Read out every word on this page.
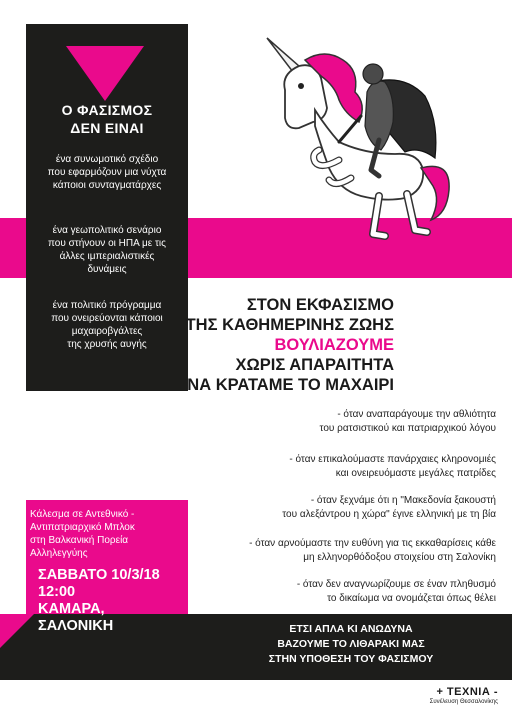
Ο ΦΑΣΙΣΜΟΣ
ΔΕΝ ΕΙΝΑΙ
ένα συνωμοτικό σχέδιο
που εφαρμόζουν μια νύχτα
κάποιοι συνταγματάρχες
ένα γεωπολιτικό σενάριο
που στήνουν οι ΗΠΑ με τις
άλλες ιμπεριαλιστικές
δυνάμεις
ένα πολιτικό πρόγραμμα
που ονειρεύονται κάποιοι
μαχαιροβγάλτες
της χρυσής αυγής
ΣΤΟΝ ΕΚΦΑΣΙΣΜΟ
ΤΗΣ ΚΑΘΗΜΕΡΙΝΗΣ ΖΩΗΣ
ΒΟΥΛΙΑΖΟΥΜΕ
ΧΩΡΙΣ ΑΠΑΡΑΙΤΗΤΑ
ΝΑ ΚΡΑΤΑΜΕ ΤΟ ΜΑΧΑΙΡΙ
- όταν αναπαράγουμε την αθλιότητα
του ρατσιστικού και πατριαρχικού λόγου
- όταν επικαλούμαστε πανάρχαιες κληρονομιές
και ονειρευόμαστε μεγάλες πατρίδες
- όταν ξεχνάμε ότι η "Μακεδονία ξακουστή
του αλεξάντρου η χώρα" έγινε ελληνική με τη βία
- όταν αρνούμαστε την ευθύνη για τις εκκαθαρίσεις κάθε
μη ελληνορθόδοξου στοιχείου στη Σαλονίκη
- όταν δεν αναγνωρίζουμε σε έναν πληθυσμό
το δικαίωμα να ονομάζεται όπως θέλει
Κάλεσμα σε Αντεθνικό -
Αντιπατριαρχικό Μπλοκ
στη Βαλκανική Πορεία
Αλληλεγγύης
ΣΑΒΒΑΤΟ 10/3/18
12:00
ΚΑΜΑΡΑ,
ΣΑΛΟΝΙΚΗ	ΕΤΣΙ ΑΠΛΑ ΚΙ ΑΝΩΔΥΝΑ
ΒΑΖΟΥΜΕ ΤΟ ΛΙΘΑΡΑΚΙ ΜΑΣ
ΣΤΗΝ ΥΠΟΘΕΣΗ ΤΟΥ ΦΑΣΙΣΜΟΥ
+ ΤΕΧΝΙΑ -
Συνέλευση Θεσσαλονίκης
